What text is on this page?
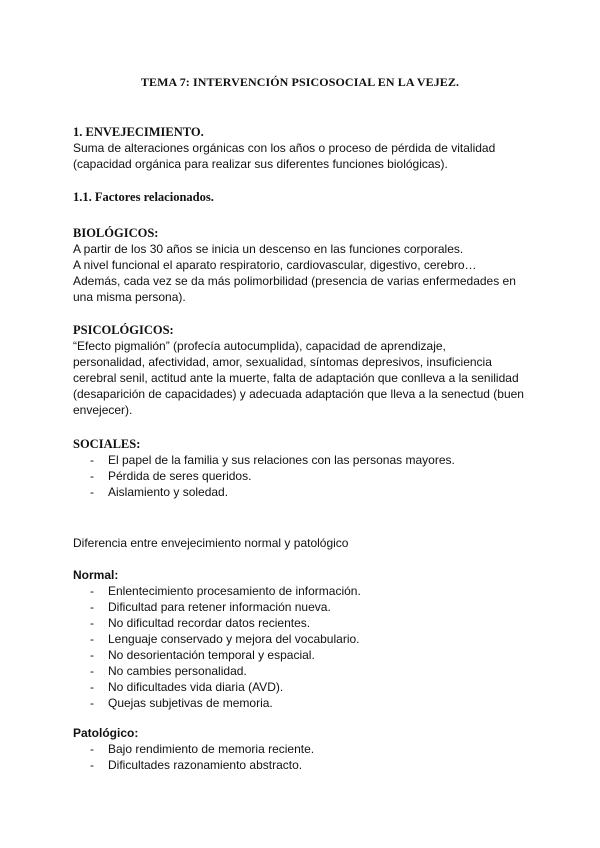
TEMA 7: INTERVENCIÓN PSICOSOCIAL EN LA VEJEZ.
1. ENVEJECIMIENTO.

Suma de alteraciones orgánicas con los años o proceso de pérdida de vitalidad

(capacidad orgánica para realizar sus diferentes funciones biológicas).

1.1. Factores relacionados.
BIOLÓGICOS:

A partir de los 30 años se inicia un descenso en las funciones corporales.

A nivel funcional el aparato respiratorio, cardiovascular, digestivo, cerebro…

Además, cada vez se da más polimorbilidad (presencia de varias enfermedades en

una misma persona).

PSICOLÓGICOS:

“Efecto pigmalión” (profecía autocumplida), capacidad de aprendizaje,

personalidad, afectividad, amor, sexualidad, síntomas depresivos, insuficiencia

cerebral senil, actitud ante la muerte, falta de adaptación que conlleva a la senilidad

(desaparición de capacidades) y adecuada adaptación que lleva a la senectud (buen

envejecer).

SOCIALES:
- El papel de la familia y sus relaciones con las personas mayores.
- Pérdida de seres queridos.
- Aislamiento y soledad.
Diferencia entre envejecimiento normal y patológico
Normal:
- Enlentecimiento procesamiento de información.
- Dificultad para retener información nueva.
- No dificultad recordar datos recientes.
- Lenguaje conservado y mejora del vocabulario.
- No desorientación temporal y espacial.
- No cambies personalidad.
- No dificultades vida diaria (AVD).
- Quejas subjetivas de memoria.
Patológico:
- Bajo rendimiento de memoria reciente.
- Dificultades razonamiento abstracto.
